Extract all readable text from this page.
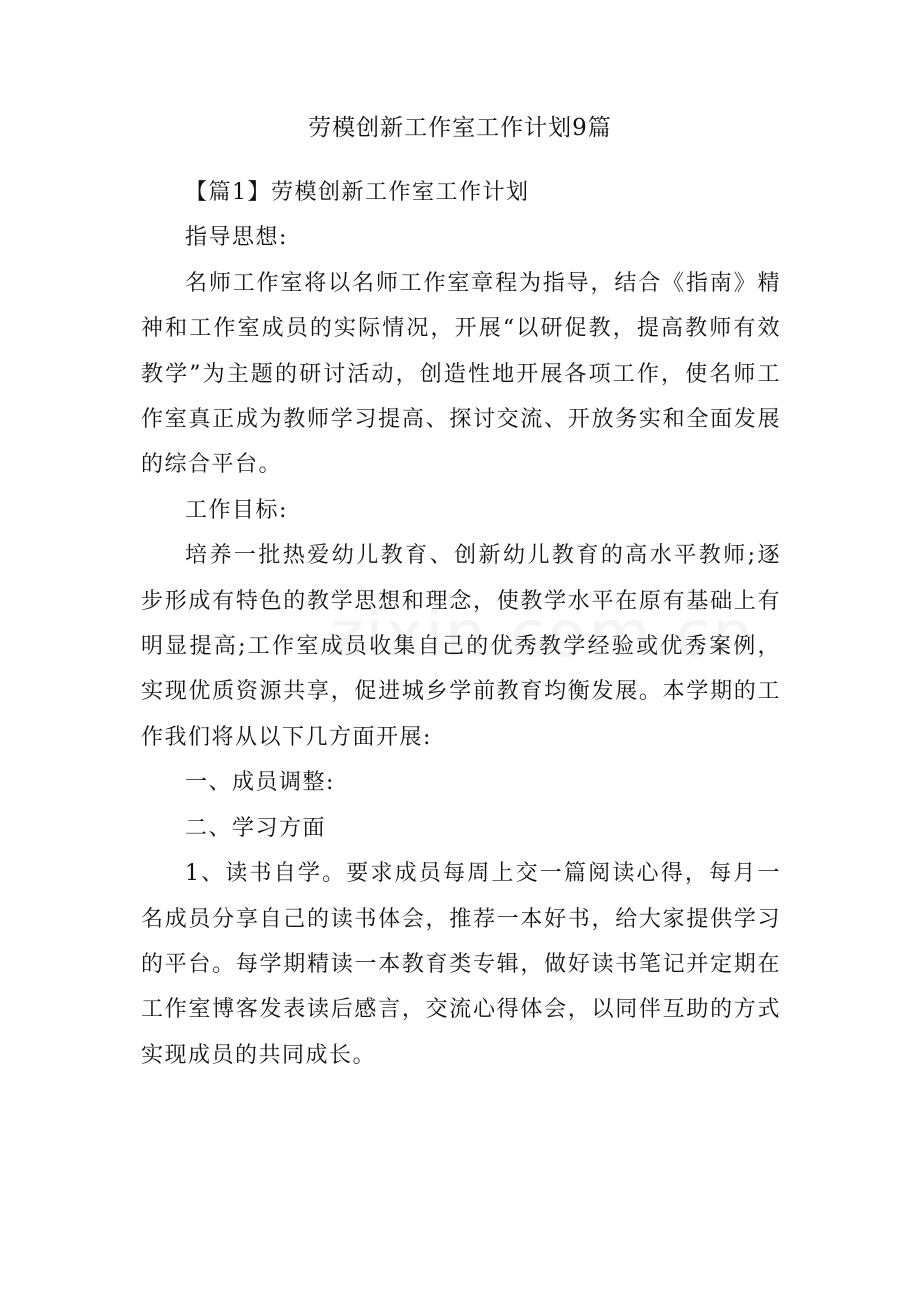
劳模创新工作室工作计划9篇

【篇1】劳模创新工作室工作计划

指导思想:

名师工作室将以名师工作室章程为指导，结合《指南》精神和工作室成员的实际情况，开展“以研促教，提高教师有效教学”为主题的研讨活动，创造性地开展各项工作，使名师工作室真正成为教师学习提高、探讨交流、开放务实和全面发展的综合平台。

工作目标:

培养一批热爱幼儿教育、创新幼儿教育的高水平教师;逐步形成有特色的教学思想和理念，使教学水平在原有基础上有明显提高;工作室成员收集自己的优秀教学经验或优秀案例，实现优质资源共享，促进城乡学前教育均衡发展。本学期的工作我们将从以下几方面开展:

一、成员调整:

二、学习方面

1、读书自学。要求成员每周上交一篇阅读心得，每月一名成员分享自己的读书体会，推荐一本好书，给大家提供学习的平台。每学期精读一本教育类专辑，做好读书笔记并定期在工作室博客发表读后感言，交流心得体会，以同伴互助的方式实现成员的共同成长。
